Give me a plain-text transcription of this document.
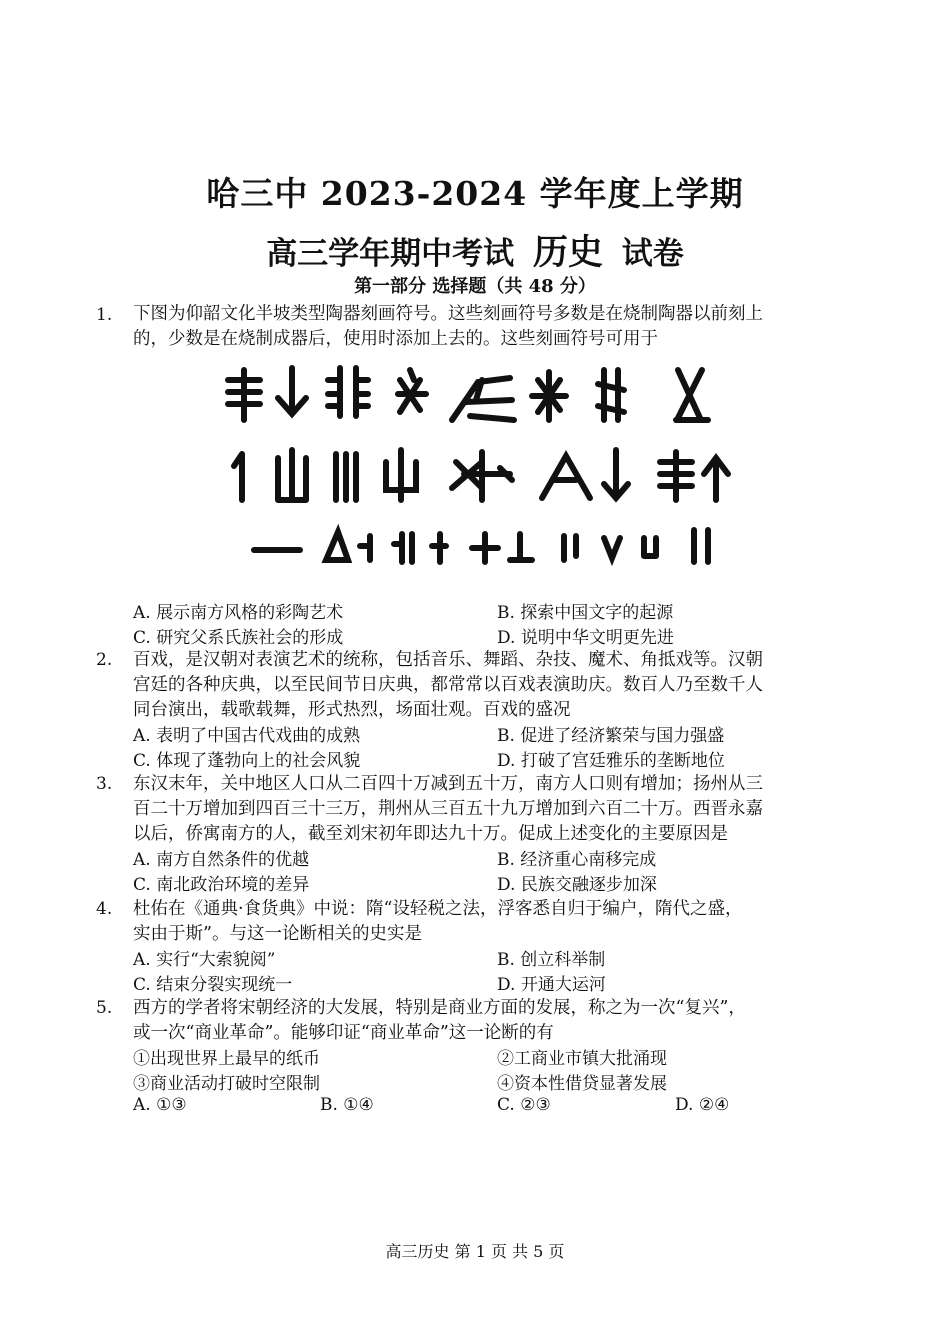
哈三中 2023-2024 学年度上学期
高三学年期中考试 历史 试卷
第一部分 选择题（共 48 分）
1. 下图为仰韶文化半坡类型陶器刻画符号。这些刻画符号多数是在烧制陶器以前刻上
的，少数是在烧制成器后，使用时添加上去的。这些刻画符号可用于
A. 展示南方风格的彩陶艺术	B. 探索中国文字的起源
C. 研究父系氏族社会的形成	D. 说明中华文明更先进
2. 百戏，是汉朝对表演艺术的统称，包括音乐、舞蹈、杂技、魔术、角抵戏等。汉朝
宫廷的各种庆典，以至民间节日庆典，都常常以百戏表演助庆。数百人乃至数千人
同台演出，载歌载舞，形式热烈，场面壮观。百戏的盛况
A. 表明了中国古代戏曲的成熟	B. 促进了经济繁荣与国力强盛
C. 体现了蓬勃向上的社会风貌	D. 打破了宫廷雅乐的垄断地位
3. 东汉末年，关中地区人口从二百四十万减到五十万，南方人口则有增加；扬州从三
百二十万增加到四百三十三万，荆州从三百五十九万增加到六百二十万。西晋永嘉
以后，侨寓南方的人，截至刘宋初年即达九十万。促成上述变化的主要原因是
A. 南方自然条件的优越	B. 经济重心南移完成
C. 南北政治环境的差异	D. 民族交融逐步加深
4. 杜佑在《通典·食货典》中说：隋“设轻税之法，浮客悉自归于编户，隋代之盛，
实由于斯”。与这一论断相关的史实是
A. 实行“大索貌阅”	B. 创立科举制
C. 结束分裂实现统一	D. 开通大运河
5. 西方的学者将宋朝经济的大发展，特别是商业方面的发展，称之为一次“复兴”，
或一次“商业革命”。能够印证“商业革命”这一论断的有
①出现世界上最早的纸币	②工商业市镇大批涌现
③商业活动打破时空限制	④资本性借贷显著发展
A. ①③	B. ①④	C. ②③	D. ②④
高三历史 第 1 页 共 5 页
